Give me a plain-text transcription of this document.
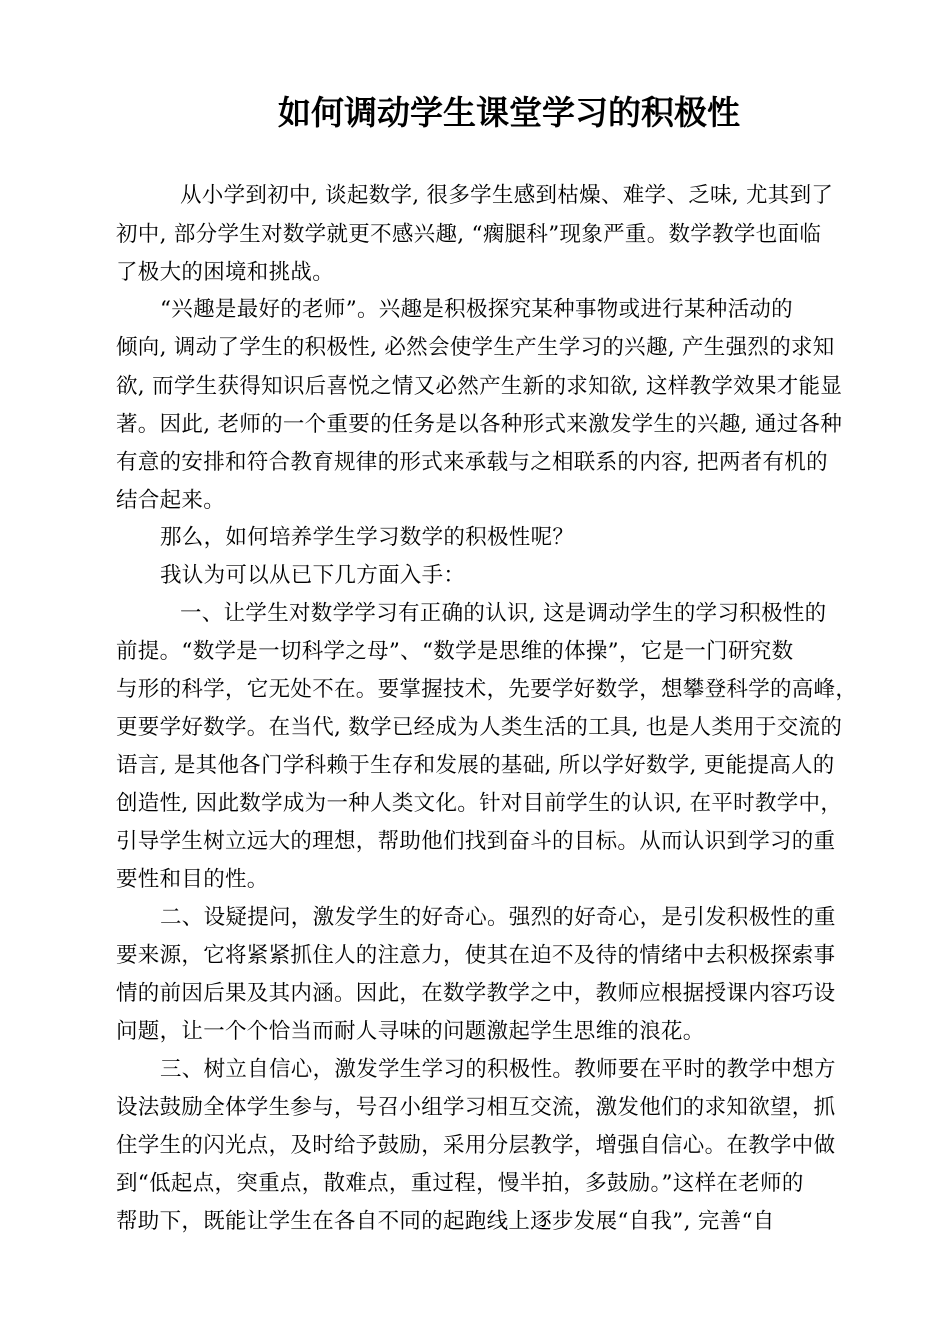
如何调动学生课堂学习的积极性

从小学到初中, 谈起数学, 很多学生感到枯燥、难学、乏味, 尤其到了

初中, 部分学生对数学就更不感兴趣, “瘸腿科”现象严重。数学教学也面临

了极大的困境和挑战。

“兴趣是最好的老师”。兴趣是积极探究某种事物或进行某种活动的

倾向, 调动了学生的积极性, 必然会使学生产生学习的兴趣, 产生强烈的求知

欲, 而学生获得知识后喜悦之情又必然产生新的求知欲, 这样教学效果才能显

著。因此, 老师的一个重要的任务是以各种形式来激发学生的兴趣, 通过各种

有意的安排和符合教育规律的形式来承载与之相联系的内容, 把两者有机的

结合起来。

那么，如何培养学生学习数学的积极性呢？

我认为可以从已下几方面入手：

一、让学生对数学学习有正确的认识, 这是调动学生的学习积极性的

前提。“数学是一切科学之母”、“数学是思维的体操”，它是一门研究数

与形的科学，它无处不在。要掌握技术，先要学好数学，想攀登科学的高峰，

更要学好数学。在当代, 数学已经成为人类生活的工具, 也是人类用于交流的

语言, 是其他各门学科赖于生存和发展的基础, 所以学好数学, 更能提高人的

创造性, 因此数学成为一种人类文化。针对目前学生的认识, 在平时教学中，

引导学生树立远大的理想，帮助他们找到奋斗的目标。从而认识到学习的重

要性和目的性。

二、设疑提问，激发学生的好奇心。强烈的好奇心，是引发积极性的重

要来源，它将紧紧抓住人的注意力，使其在迫不及待的情绪中去积极探索事

情的前因后果及其内涵。因此，在数学教学之中，教师应根据授课内容巧设

问题，让一个个恰当而耐人寻味的问题激起学生思维的浪花。

三、树立自信心，激发学生学习的积极性。教师要在平时的教学中想方

设法鼓励全体学生参与，号召小组学习相互交流，激发他们的求知欲望，抓

住学生的闪光点，及时给予鼓励，采用分层教学，增强自信心。在教学中做

到“低起点，突重点，散难点，重过程，慢半拍，多鼓励。”这样在老师的

帮助下，既能让学生在各自不同的起跑线上逐步发展“自我”, 完善“自
